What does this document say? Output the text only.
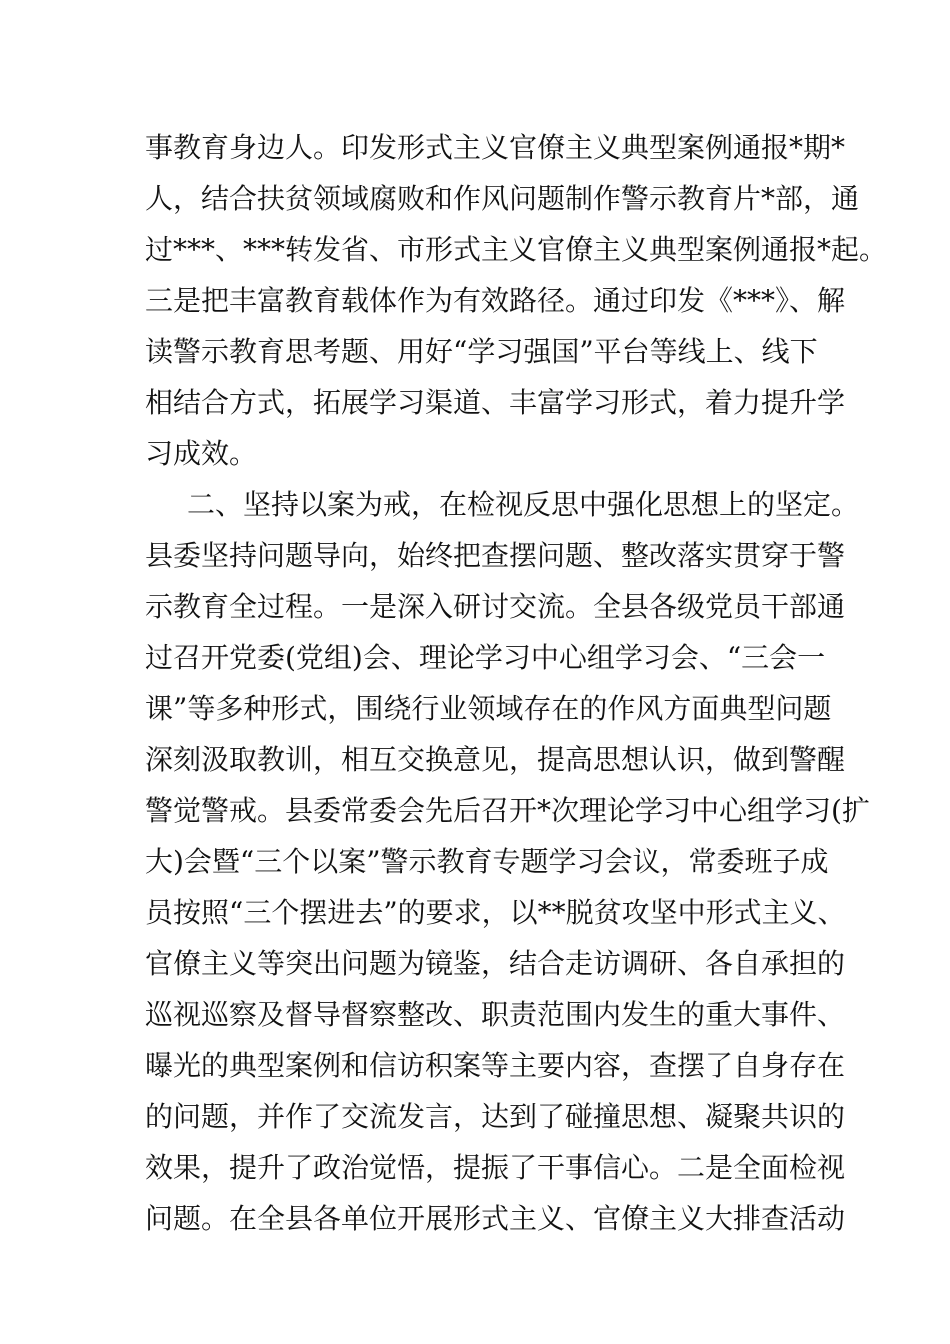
事教育身边人。印发形式主义官僚主义典型案例通报*期*
人，结合扶贫领域腐败和作风问题制作警示教育片*部，通
过***、***转发省、市形式主义官僚主义典型案例通报*起。
三是把丰富教育载体作为有效路径。通过印发《***》、解
读警示教育思考题、用好“学习强国”平台等线上、线下
相结合方式，拓展学习渠道、丰富学习形式，着力提升学
习成效。
二、坚持以案为戒，在检视反思中强化思想上的坚定。
县委坚持问题导向，始终把查摆问题、整改落实贯穿于警
示教育全过程。一是深入研讨交流。全县各级党员干部通
过召开党委(党组)会、理论学习中心组学习会、“三会一
课”等多种形式，围绕行业领域存在的作风方面典型问题
深刻汲取教训，相互交换意见，提高思想认识，做到警醒
警觉警戒。县委常委会先后召开*次理论学习中心组学习(扩
大)会暨“三个以案”警示教育专题学习会议，常委班子成
员按照“三个摆进去”的要求，以**脱贫攻坚中形式主义、
官僚主义等突出问题为镜鉴，结合走访调研、各自承担的
巡视巡察及督导督察整改、职责范围内发生的重大事件、
曝光的典型案例和信访积案等主要内容，查摆了自身存在
的问题，并作了交流发言，达到了碰撞思想、凝聚共识的
效果，提升了政治觉悟，提振了干事信心。二是全面检视
问题。在全县各单位开展形式主义、官僚主义大排查活动
